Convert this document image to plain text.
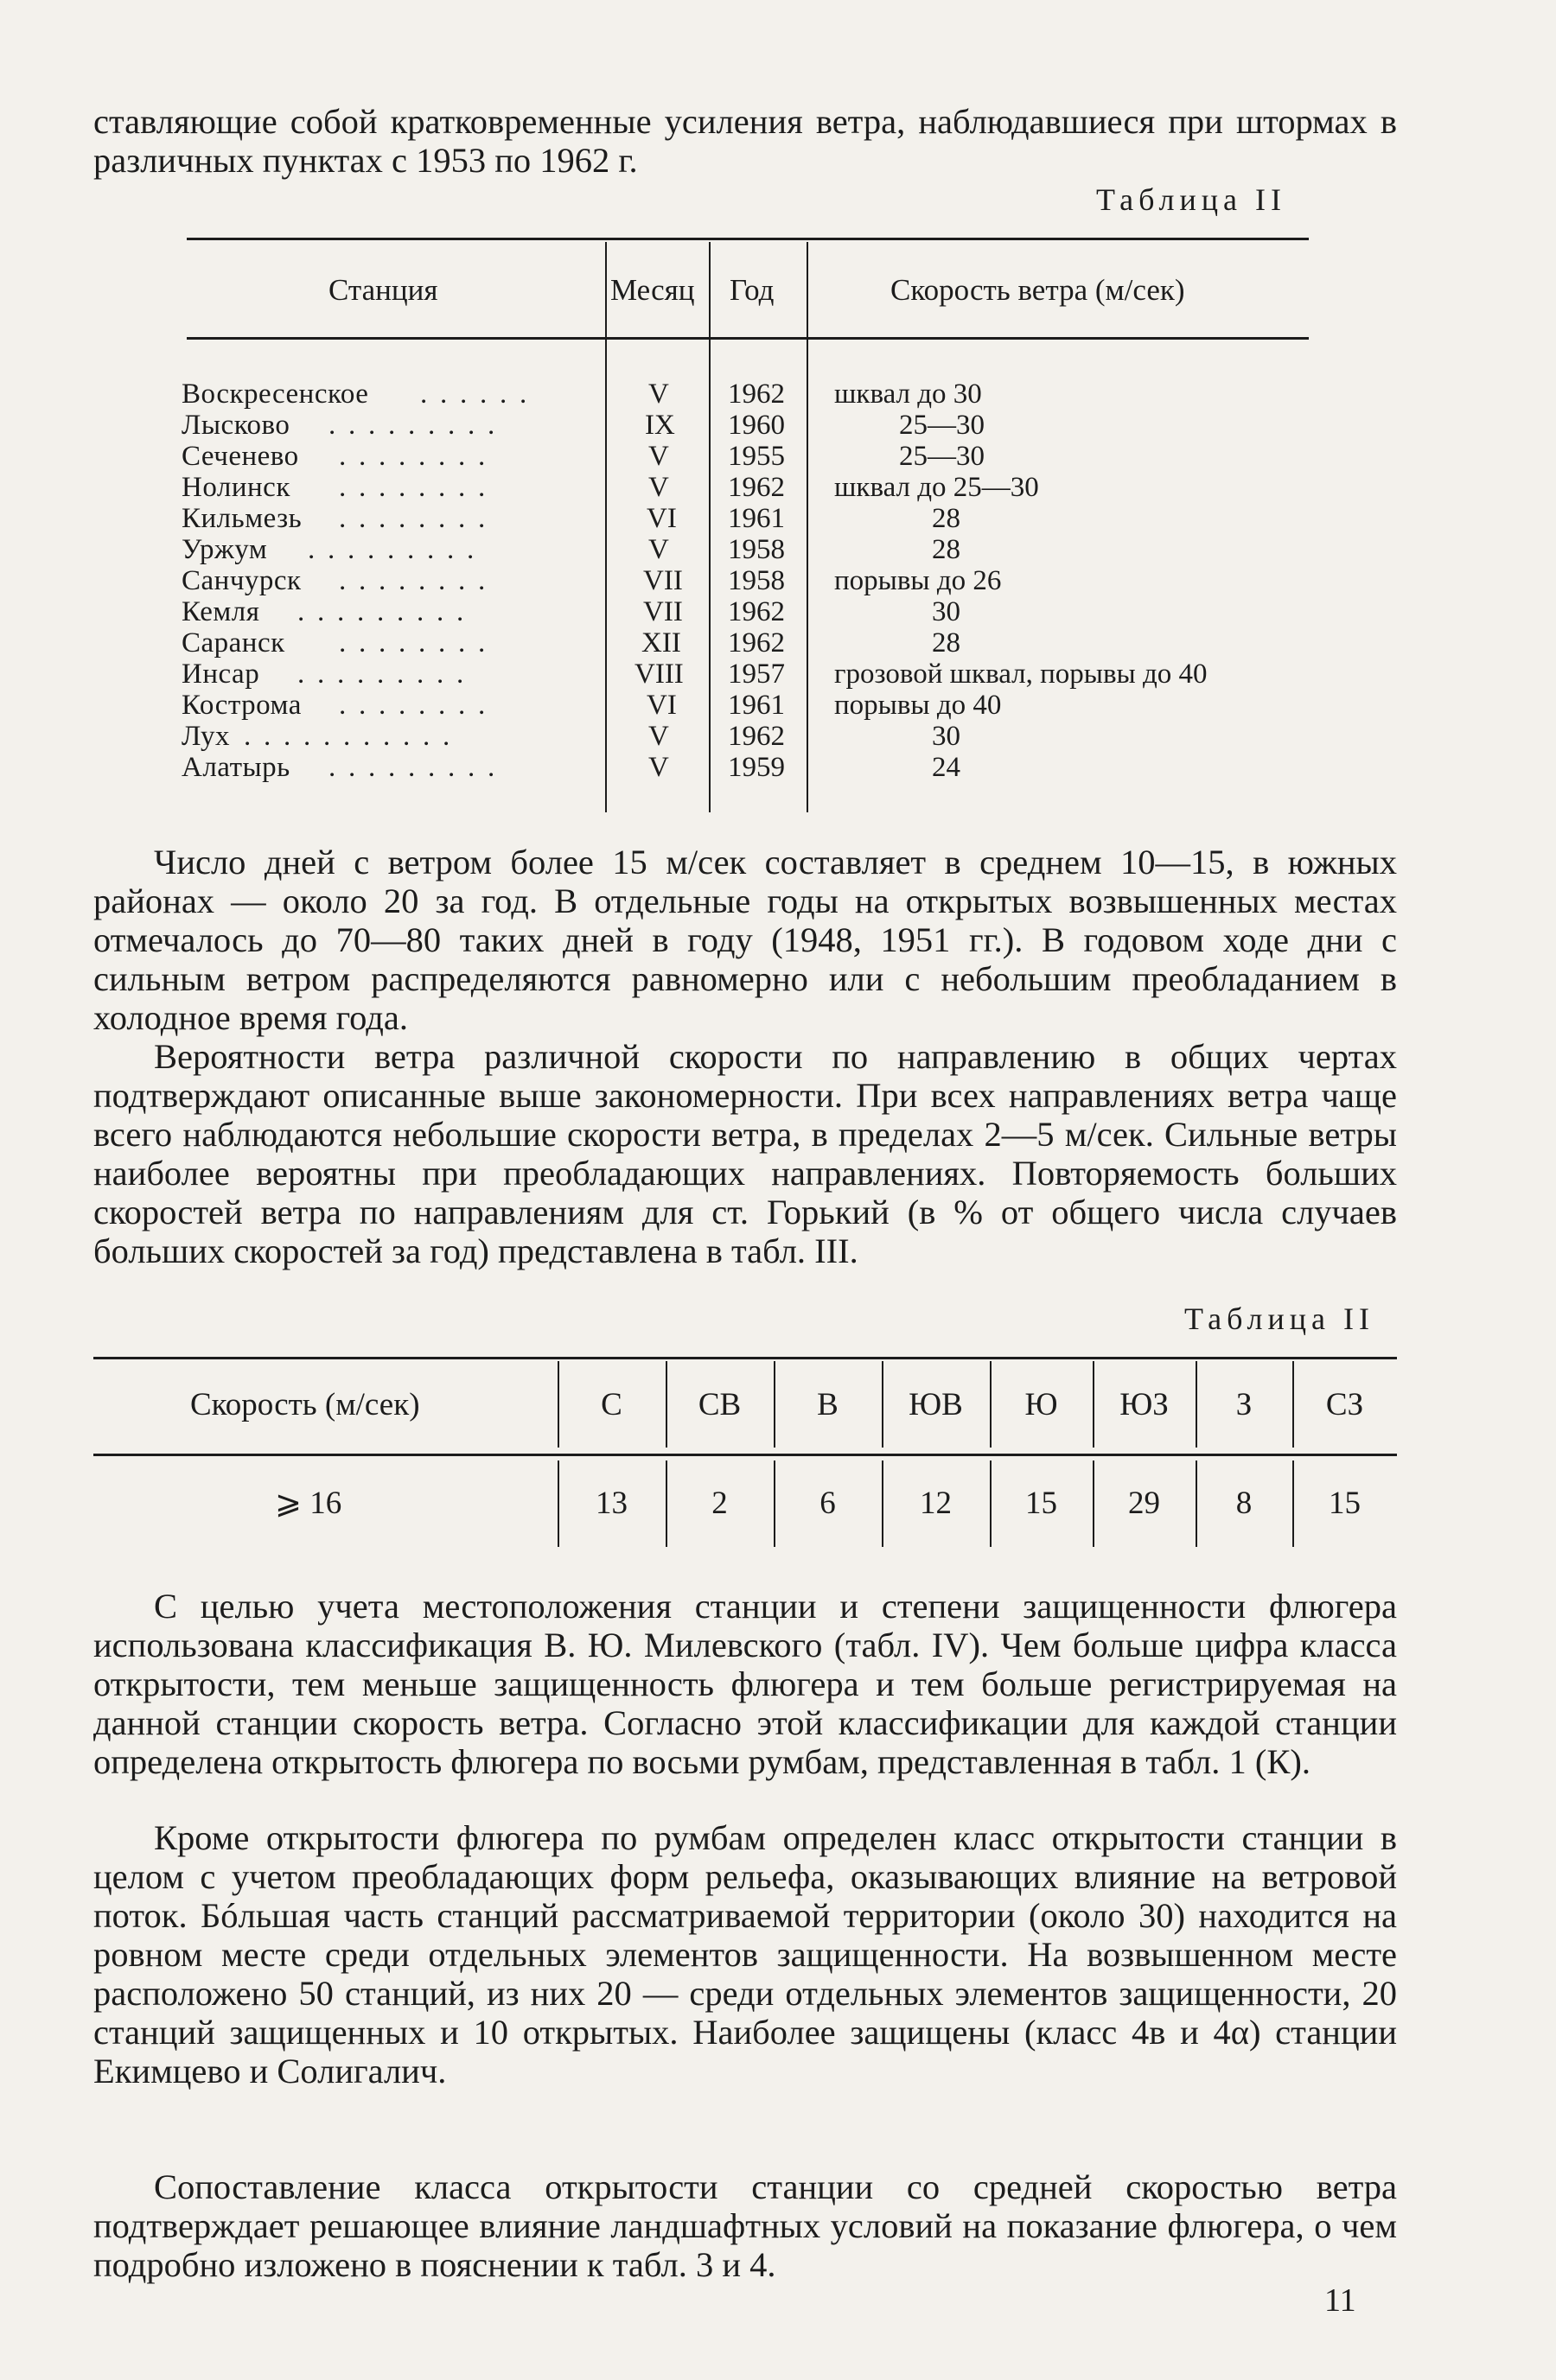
ставляющие собой кратковременные усиления ветра, наблюдавшиеся при штормах в различных пунктах с 1953 по 1962 г.

Таблица II

Станция	Месяц Год	Скорость ветра (м/сек)
Воскресенское . . . . . .	V 1962 шквал до 30
Лысково . . . . . . . . .	IX 1960	25—30
Сеченево . . . . . . . .	V 1955	25—30
Нолинск . . . . . . . .	V 1962 шквал до 25—30
Кильмезь . . . . . . . .	VI 1961	28
Уржум . . . . . . . . .	V 1958	28
Санчурск . . . . . . . .	VII 1958 порывы до 26
Кемля . . . . . . . . .	VII 1962	30
Саранск . . . . . . . .	XII 1962	28
Инсар . . . . . . . . .	VIII 1957 грозовой шквал, порывы до 40
Кострома . . . . . . . .	VI 1961 порывы до 40
Лух . . . . . . . . . . .	V 1962	30
Алатырь . . . . . . . . .	V 1959	24

Число дней с ветром более 15 м/сек составляет в среднем 10—15, в южных районах — около 20 за год. В отдельные годы на открытых возвышенных местах отмечалось до 70—80 таких дней в году (1948, 1951 гг.). В годовом ходе дни с сильным ветром распределяются равномерно или с небольшим преобладанием в холодное время года.

Вероятности ветра различной скорости по направлению в общих чертах подтверждают описанные выше закономерности. При всех направлениях ветра чаще всего наблюдаются небольшие скорости ветра, в пределах 2—5 м/сек. Сильные ветры наиболее вероятны при преобладающих направлениях. Повторяемость больших скоростей ветра по направлениям для ст. Горький (в % от общего числа случаев больших скоростей за год) представлена в табл. III.

Таблица II

Скорость (м/сек)	С	СВ	В	ЮВ	Ю	ЮЗ	З	СЗ
⩾ 16	13	2	6	12	15	29	8	15

С целью учета местоположения станции и степени защищенности флюгера использована классификация В. Ю. Милевского (табл. IV). Чем больше цифра класса открытости, тем меньше защищенность флюгера и тем больше регистрируемая на данной станции скорость ветра. Согласно этой классификации для каждой станции определена открытость флюгера по восьми румбам, представленная в табл. 1 (К).

Кроме открытости флюгера по румбам определен класс открытости станции в целом с учетом преобладающих форм рельефа, оказывающих влияние на ветровой поток. Бóльшая часть станций рассматриваемой территории (около 30) находится на ровном месте среди отдельных элементов защищенности. На возвышенном месте расположено 50 станций, из них 20 — среди отдельных элементов защищенности, 20 станций защищенных и 10 открытых. Наиболее защищены (класс 4в и 4α) станции Екимцево и Солигалич.

Сопоставление класса открытости станции со средней скоростью ветра подтверждает решающее влияние ландшафтных условий на показание флюгера, о чем подробно изложено в пояснении к табл. 3 и 4.

11
